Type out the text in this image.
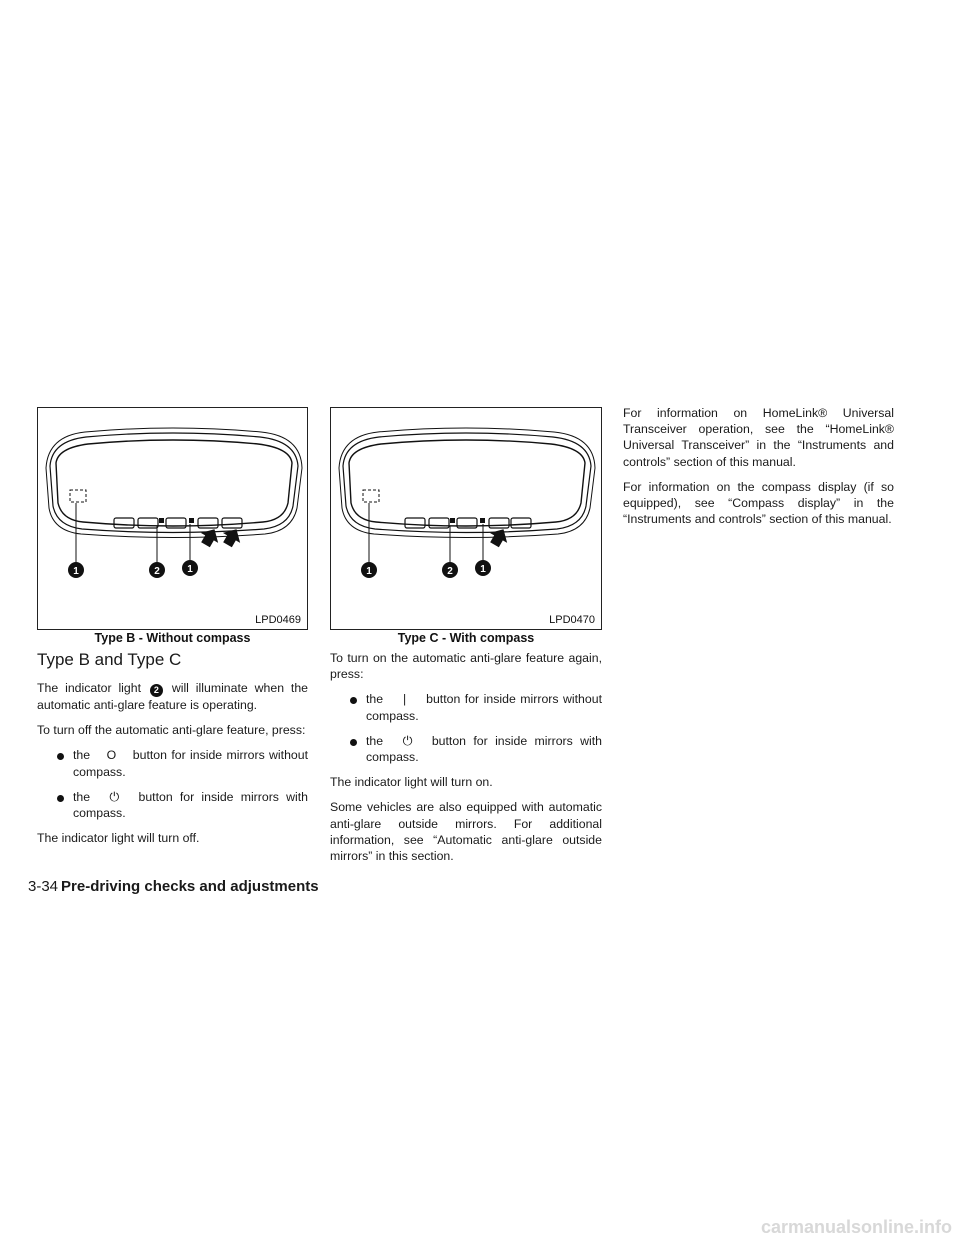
1	2	1
LPD0469
Type B - Without compass
1	2	1
LPD0470
Type C - With compass
Type B and Type C

The indicator light 2 will illuminate when the automatic anti-glare feature is operating.

To turn off the automatic anti-glare feature, press:

the O button for inside mirrors without compass.
the ⏻ button for inside mirrors with compass.

The indicator light will turn off.

To turn on the automatic anti-glare feature again, press:

the | button for inside mirrors without compass.
the ⏻ button for inside mirrors with compass.

The indicator light will turn on.

Some vehicles are also equipped with automatic anti-glare outside mirrors. For additional information, see “Automatic anti-glare outside mirrors” in this section.

For information on HomeLink® Universal Transceiver operation, see the “HomeLink® Universal Transceiver” in the “Instruments and controls” section of this manual.

For information on the compass display (if so equipped), see “Compass display” in the “Instruments and controls” section of this manual.

3-34 Pre-driving checks and adjustments
carmanualsonline.info
